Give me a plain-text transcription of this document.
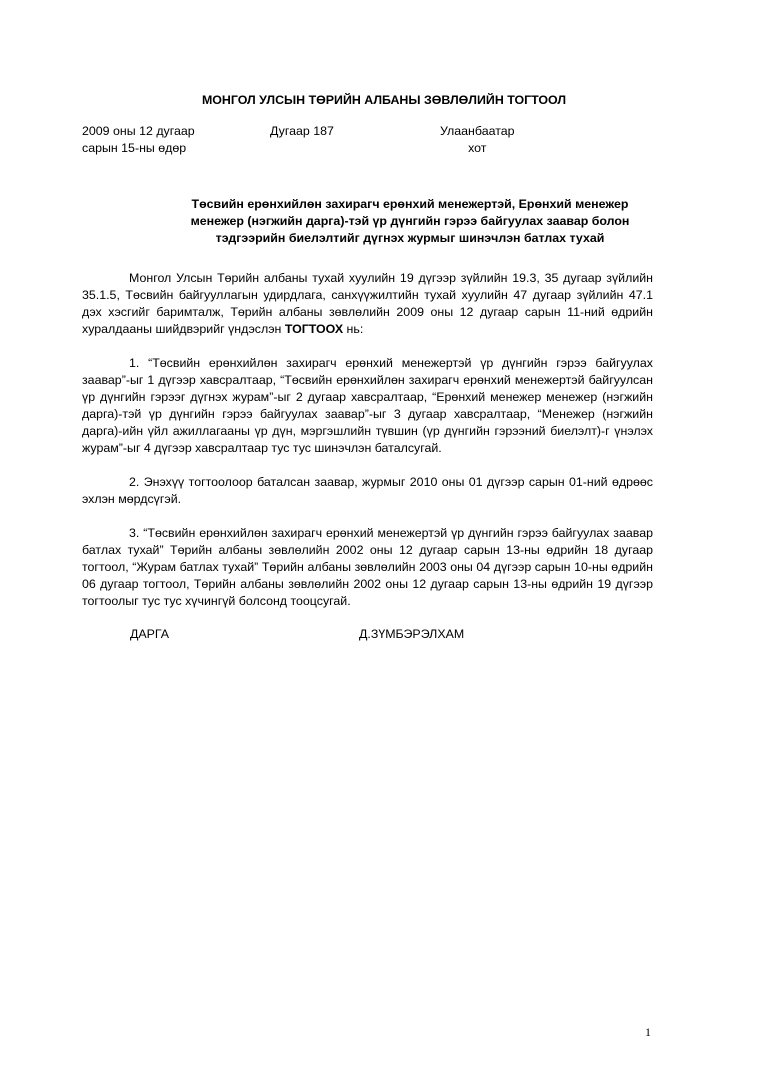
МОНГОЛ УЛСЫН ТӨРИЙН АЛБАНЫ ЗӨВЛӨЛИЙН ТОГТООЛ
2009 оны 12 дугаар
сарын 15-ны өдөр
Дугаар 187	Улаанбаатар
хот
Төсвийн ерөнхийлөн захирагч ерөнхий менежертэй, Ерөнхий менежер
менежер (нэгжийн дарга)-тэй үр дүнгийн гэрээ байгуулах заавар болон
тэдгээрийн биелэлтийг дүгнэх журмыг шинэчлэн батлах тухай

Монгол Улсын Төрийн албаны тухай хуулийн 19 дүгээр зүйлийн 19.3, 35 дугаар зүйлийн 35.1.5, Төсвийн байгууллагын удирдлага, санхүүжилтийн тухай хуулийн 47 дугаар зүйлийн 47.1 дэх хэсгийг баримталж, Төрийн албаны зөвлөлийн 2009 оны 12 дугаар сарын 11-ний өдрийн хуралдааны шийдвэрийг үндэслэн ТОГТООХ нь:

1. “Төсвийн ерөнхийлөн захирагч ерөнхий менежертэй үр дүнгийн гэрээ байгуулах заавар”-ыг 1 дүгээр хавсралтаар, “Төсвийн ерөнхийлөн захирагч ерөнхий менежертэй байгуулсан үр дүнгийн гэрээг дүгнэх журам”-ыг 2 дугаар хавсралтаар, “Ерөнхий менежер менежер (нэгжийн дарга)-тэй үр дүнгийн гэрээ байгуулах заавар”-ыг 3 дугаар хавсралтаар, “Менежер (нэгжийн дарга)-ийн үйл ажиллагааны үр дүн, мэргэшлийн түвшин (үр дүнгийн гэрээний биелэлт)-г үнэлэх журам”-ыг 4 дүгээр хавсралтаар тус тус шинэчлэн баталсугай.

2. Энэхүү тогтоолоор баталсан заавар, журмыг 2010 оны 01 дүгээр сарын 01-ний өдрөөс эхлэн мөрдсүгэй.

3. “Төсвийн ерөнхийлөн захирагч ерөнхий менежертэй үр дүнгийн гэрээ байгуулах заавар батлах тухай” Төрийн албаны зөвлөлийн 2002 оны 12 дугаар сарын 13-ны өдрийн 18 дугаар тогтоол, “Журам батлах тухай” Төрийн албаны зөвлөлийн 2003 оны 04 дүгээр сарын 10-ны өдрийн 06 дугаар тогтоол, Төрийн албаны зөвлөлийн 2002 оны 12 дугаар сарын 13-ны өдрийн 19 дүгээр тогтоолыг тус тус хүчингүй болсонд тооцсугай.

ДАРГА	Д.ЗҮМБЭРЭЛХАМ
1
